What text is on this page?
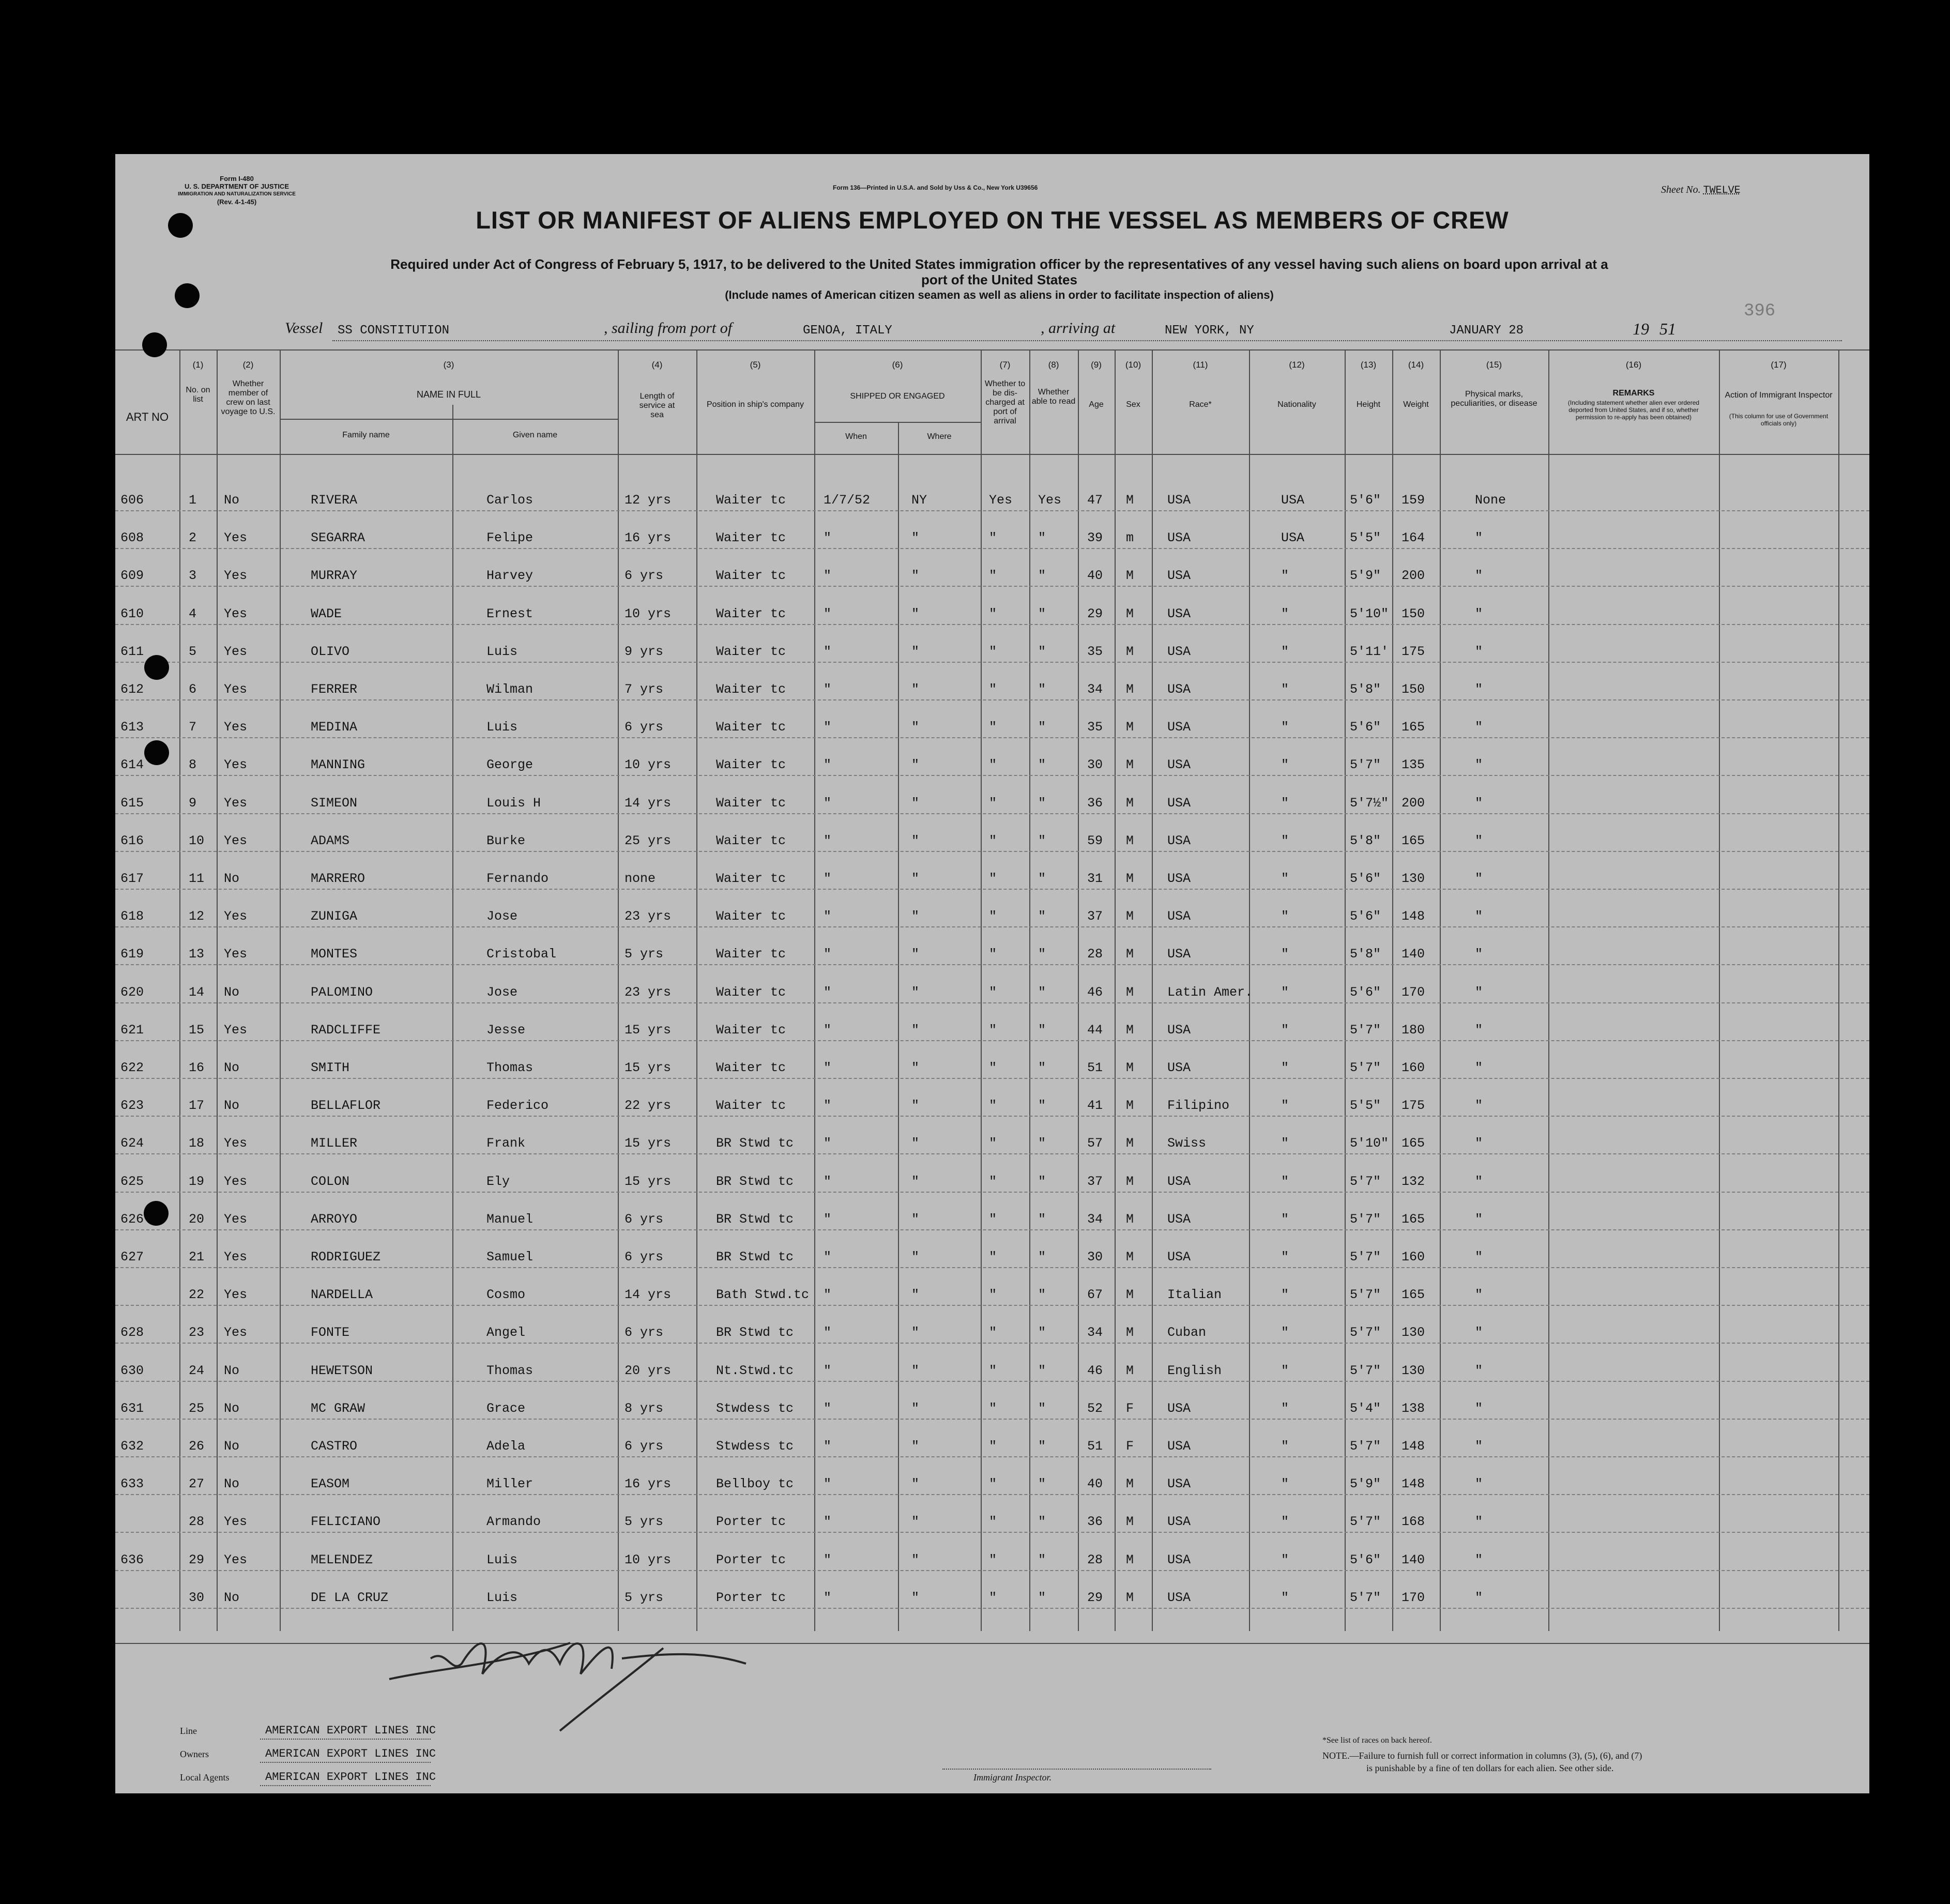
Form I-480
U. S. DEPARTMENT OF JUSTICE
IMMIGRATION AND NATURALIZATION SERVICE
(Rev. 4-1-45)
Form 136—Printed in U.S.A. and Sold by Uss & Co., New York U39656	Sheet No. TWELVE
396
LIST OR MANIFEST OF ALIENS EMPLOYED ON THE VESSEL AS MEMBERS OF CREW
Required under Act of Congress of February 5, 1917, to be delivered to the United States immigration officer by the representatives of any vessel having such aliens on board upon arrival at a
port of the United States
(Include names of American citizen seamen as well as aliens in order to facilitate inspection of aliens)
Vessel SS CONSTITUTION	, sailing from port of	GENOA, ITALY	, arriving at	NEW YORK, NY	JANUARY 28	19 51
ART NO
(1)
No. on list
(2)
Whether member of crew on last voyage to U.S.
(3)
NAME IN FULL
Family name	Given name
(4)
Length of service at sea
(5)
Position in ship's company
(6)
SHIPPED OR ENGAGED
When	Where
(7)
Whether to be dis-charged at port of arrival
(8)
Whether able to read
(9)
Age
(10)
Sex
(11)
Race*
(12)
Nationality
(13)
Height
(14)
Weight
(15)
Physical marks, peculiarities, or disease
(16)
REMARKS
(Including statement whether alien ever ordered deported from United States, and if so, whether permission to re-apply has been obtained)
(17)
Action of Immigrant Inspector
(This column for use of Government officials only)
606	1 No	RIVERA	Carlos	12 yrs	Waiter tc	1/7/52	NY	Yes Yes 47 M	USA	USA	5'6" 159	None
608	2 Yes	SEGARRA	Felipe	16 yrs	Waiter tc	"	"	"	"	39 m	USA	USA	5'5" 164	"
609	3 Yes	MURRAY	Harvey	6 yrs	Waiter tc	"	"	"	"	40 M	USA	"	5'9" 200	"
610	4 Yes	WADE	Ernest	10 yrs	Waiter tc	"	"	"	"	29 M	USA	"	5'10" 150	"
611	5 Yes	OLIVO	Luis	9 yrs	Waiter tc	"	"	"	"	35 M	USA	"	5'11' 175	"
612	6 Yes	FERRER	Wilman	7 yrs	Waiter tc	"	"	"	"	34 M	USA	"	5'8" 150	"
613	7 Yes	MEDINA	Luis	6 yrs	Waiter tc	"	"	"	"	35 M	USA	"	5'6" 165	"
614	8 Yes	MANNING	George	10 yrs	Waiter tc	"	"	"	"	30 M	USA	"	5'7" 135	"
615	9 Yes	SIMEON	Louis H	14 yrs	Waiter tc	"	"	"	"	36 M	USA	"	5'7½" 200	"
616	10 Yes	ADAMS	Burke	25 yrs	Waiter tc	"	"	"	"	59 M	USA	"	5'8" 165	"
617	11 No	MARRERO	Fernando	none	Waiter tc	"	"	"	"	31 M	USA	"	5'6" 130	"
618	12 Yes	ZUNIGA	Jose	23 yrs	Waiter tc	"	"	"	"	37 M	USA	"	5'6" 148	"
619	13 Yes	MONTES	Cristobal	5 yrs	Waiter tc	"	"	"	"	28 M	USA	"	5'8" 140	"
620	14 No	PALOMINO	Jose	23 yrs	Waiter tc	"	"	"	"	46 M	Latin Amer. "	5'6" 170	"
621	15 Yes	RADCLIFFE	Jesse	15 yrs	Waiter tc	"	"	"	"	44 M	USA	"	5'7" 180	"
622	16 No	SMITH	Thomas	15 yrs	Waiter tc	"	"	"	"	51 M	USA	"	5'7" 160	"
623	17 No	BELLAFLOR	Federico	22 yrs	Waiter tc	"	"	"	"	41 M	Filipino	"	5'5" 175	"
624	18 Yes	MILLER	Frank	15 yrs	BR Stwd tc "	"	"	"	57 M	Swiss	"	5'10" 165	"
625	19 Yes	COLON	Ely	15 yrs	BR Stwd tc "	"	"	"	37 M	USA	"	5'7" 132	"
626	20 Yes	ARROYO	Manuel	6 yrs	BR Stwd tc "	"	"	"	34 M	USA	"	5'7" 165	"
627	21 Yes	RODRIGUEZ	Samuel	6 yrs	BR Stwd tc "	"	"	"	30 M	USA	"	5'7" 160	"
22 Yes	NARDELLA	Cosmo	14 yrs	Bath Stwd.tc "	"	"	"	67 M	Italian	"	5'7" 165	"
628	23 Yes	FONTE	Angel	6 yrs	BR Stwd tc "	"	"	"	34 M	Cuban	"	5'7" 130	"
630	24 No	HEWETSON	Thomas	20 yrs	Nt.Stwd.tc "	"	"	"	46 M	English	"	5'7" 130	"
631	25 No	MC GRAW	Grace	8 yrs	Stwdess tc "	"	"	"	52 F	USA	"	5'4" 138	"
632	26 No	CASTRO	Adela	6 yrs	Stwdess tc "	"	"	"	51 F	USA	"	5'7" 148	"
633	27 No	EASOM	Miller	16 yrs	Bellboy tc "	"	"	"	40 M	USA	"	5'9" 148	"
28 Yes	FELICIANO	Armando	5 yrs	Porter tc	"	"	"	"	36 M	USA	"	5'7" 168	"
636	29 Yes	MELENDEZ	Luis	10 yrs	Porter tc	"	"	"	"	28 M	USA	"	5'6" 140	"
30 No	DE LA CRUZ	Luis	5 yrs	Porter tc	"	"	"	"	29 M	USA	"	5'7" 170	"
Line	AMERICAN EXPORT LINES INC
Owners	AMERICAN EXPORT LINES INC
Local Agents	AMERICAN EXPORT LINES INC	Immigrant Inspector.
*See list of races on back hereof.
NOTE.—Failure to furnish full or correct information in columns (3), (5), (6), and (7)
is punishable by a fine of ten dollars for each alien. See other side.
